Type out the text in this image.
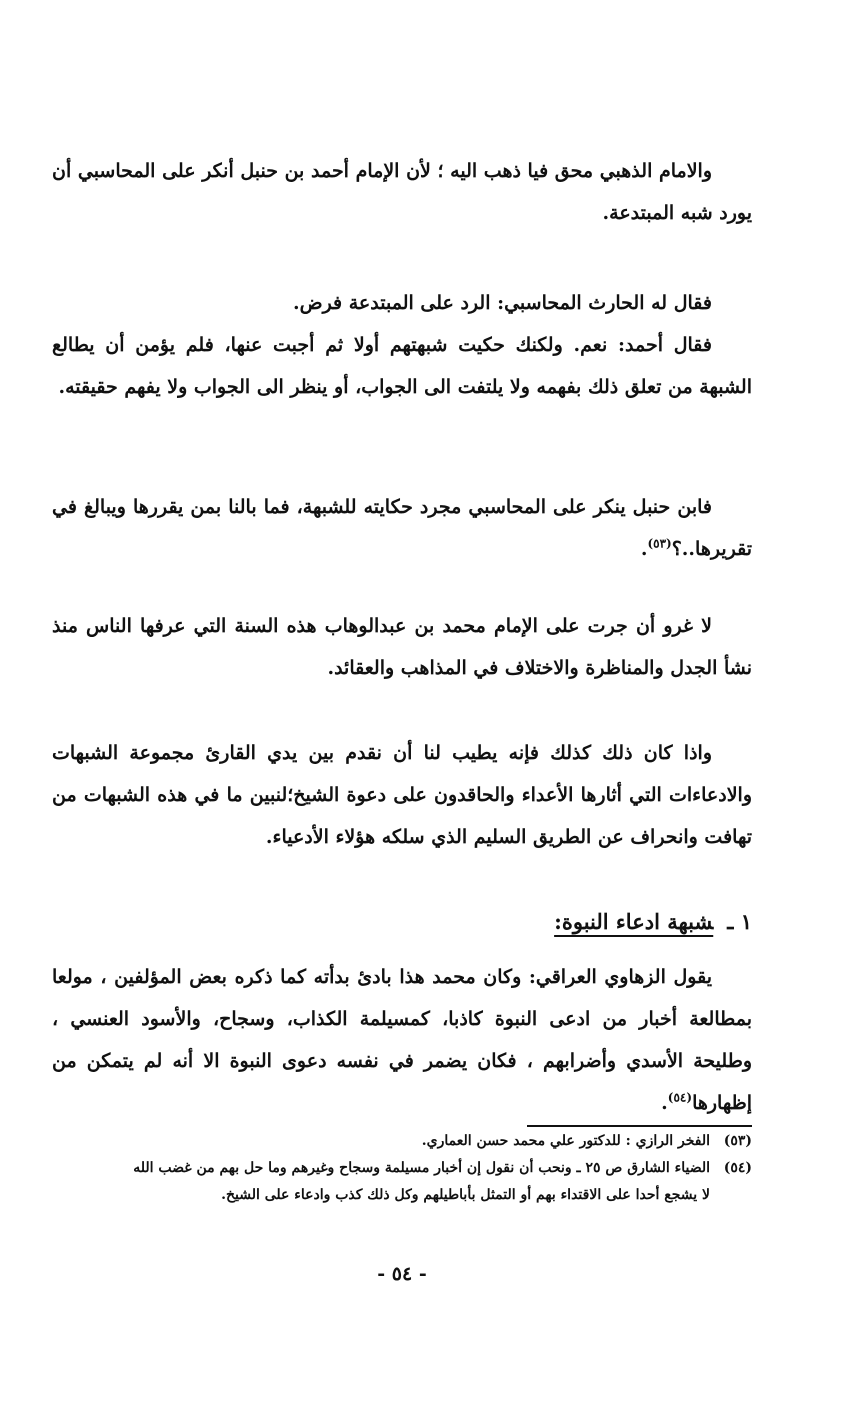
والامام الذهبي محق فيا ذهب اليه ؛ لأن الإمام أحمد بن حنبل أنكر على المحاسبي أن يورد شبه المبتدعة.

فقال له الحارث المحاسبي: الرد على المبتدعة فرض.

فقال أحمد: نعم. ولكنك حكيت شبهتهم أولا ثم أجبت عنها، فلم يؤمن أن يطالع الشبهة من تعلق ذلك بفهمه ولا يلتفت الى الجواب، أو ينظر الى الجواب ولا يفهم حقيقته.

فابن حنبل ينكر على المحاسبي مجرد حكايته للشبهة، فما بالنا بمن يقررها ويبالغ في تقريرها..؟$^{(٥٣)}$.

لا غرو أن جرت على الإمام محمد بن عبدالوهاب هذه السنة التي عرفها الناس منذ نشأ الجدل والمناظرة والاختلاف في المذاهب والعقائد.

واذا كان ذلك كذلك فإنه يطيب لنا أن نقدم بين يدي القارئ مجموعة الشبهات والادعاءات التي أثارها الأعداء والحاقدون على دعوة الشيخ؛لنبين ما في هذه الشبهات من تهافت وانحراف عن الطريق السليم الذي سلكه هؤلاء الأدعياء.

١ ـشبهة ادعاء النبوة:

يقول الزهاوي العراقي: وكان محمد هذا بادئ بدأته كما ذكره بعض المؤلفين ، مولعا بمطالعة أخبار من ادعى النبوة كاذبا، كمسيلمة الكذاب، وسجاح، والأسود العنسي ، وطليحة الأسدي وأضرابهم ، فكان يضمر في نفسه دعوى النبوة الا أنه لم يتمكن من إظهارها$^{(٥٤)}$.

(٥٣)الفخر الرازي : للدكتور علي محمد حسن العماري.

(٥٤)الضياء الشارق ص ٢٥ ـ ونحب أن نقول إن أخبار مسيلمة وسجاح وغيرهم وما حل بهم من غضب الله

لا يشجع أحدا على الاقتداء بهم أو التمثل بأباطيلهم وكل ذلك كذب وادعاء على الشيخ.

- ٥٤ -
